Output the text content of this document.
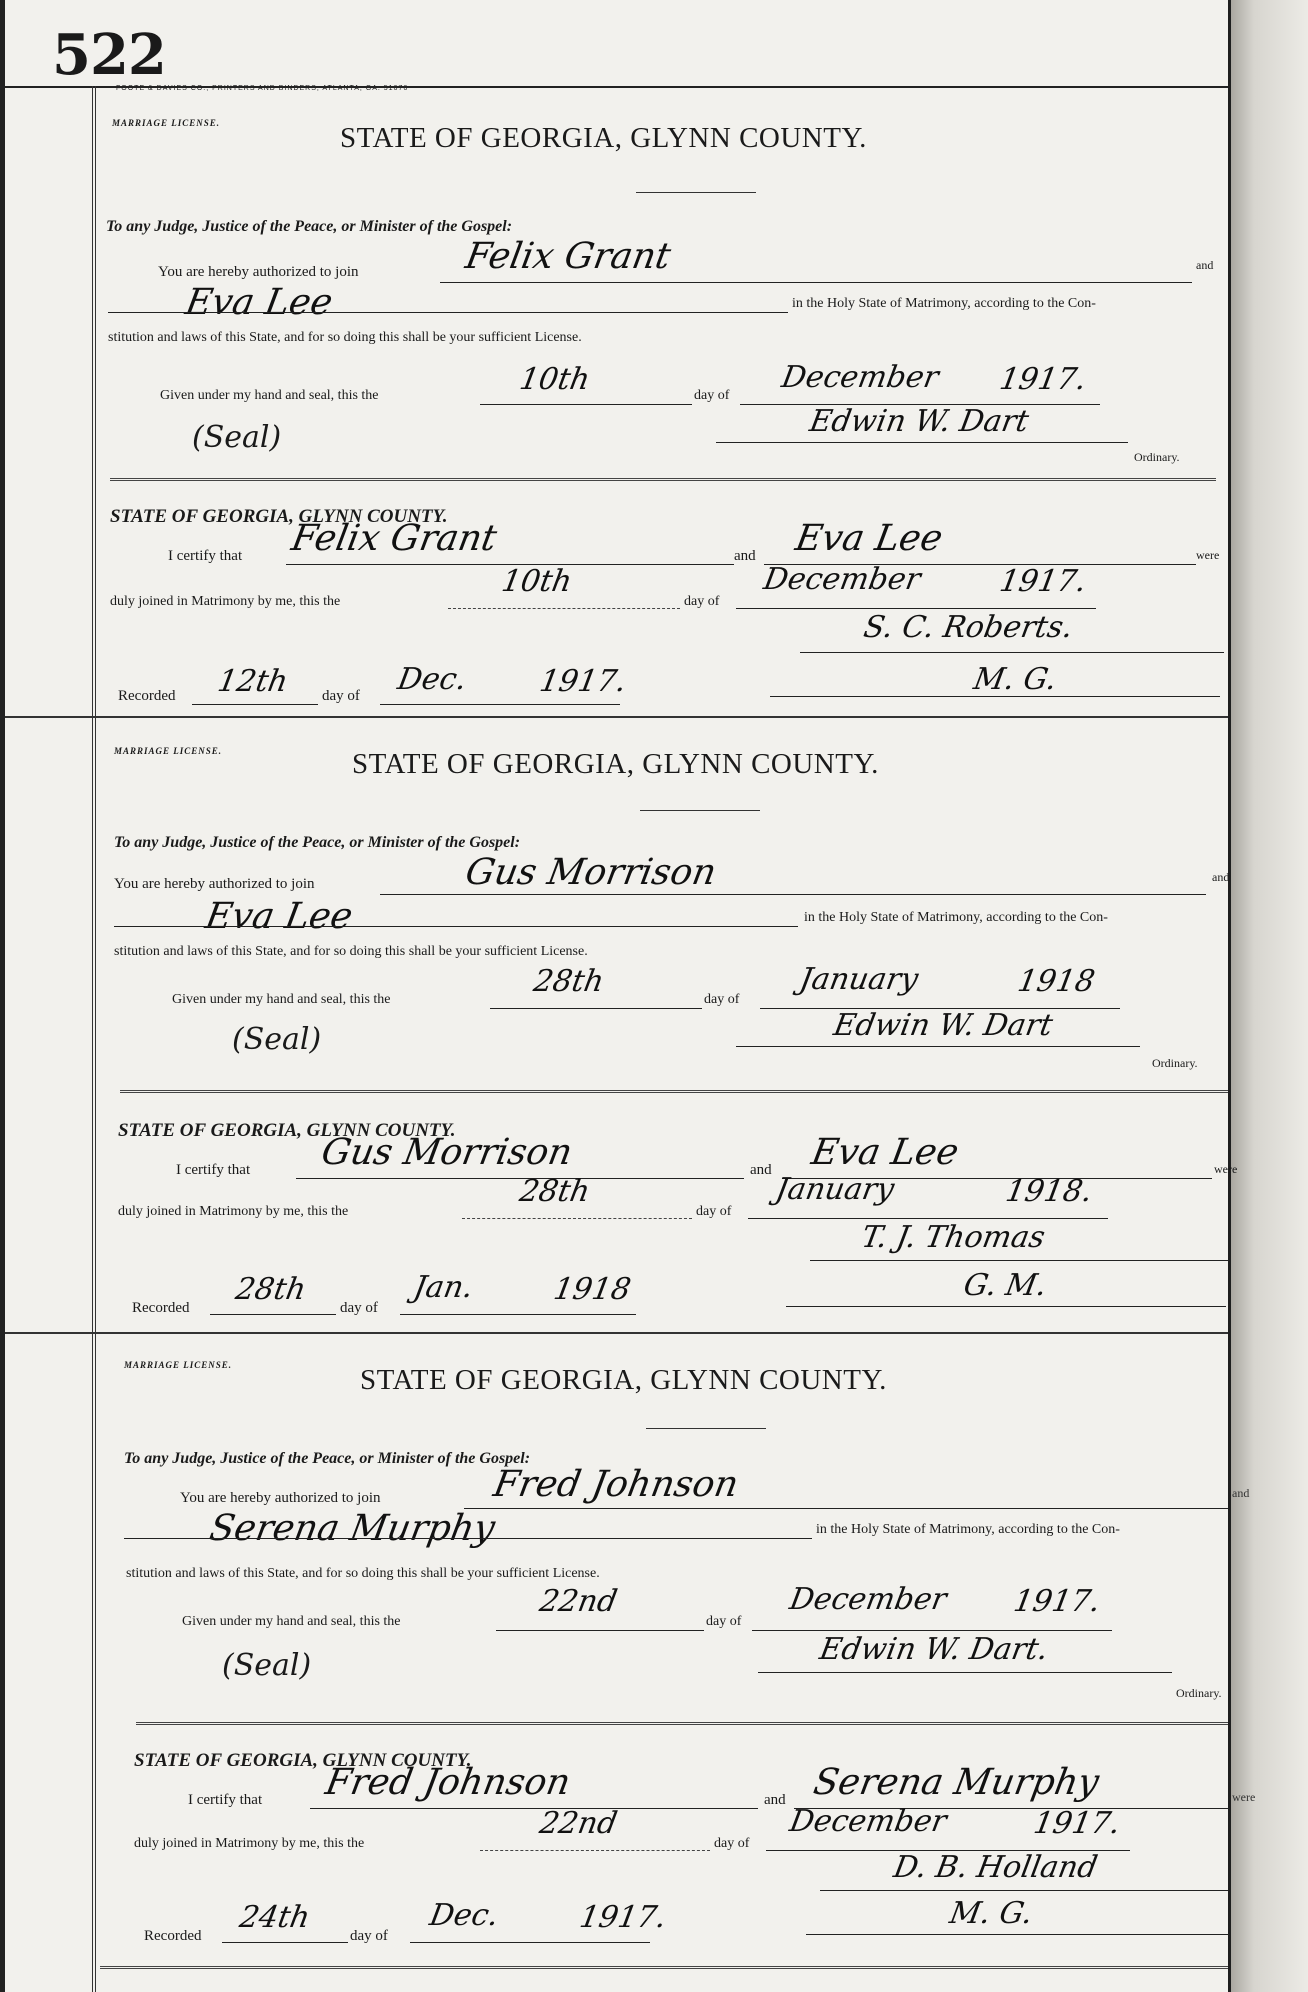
522
FOOTE & DAVIES CO., PRINTERS AND BINDERS, ATLANTA, GA. 51676
MARRIAGE LICENSE.	STATE OF GEORGIA, GLYNN COUNTY.
To any Judge, Justice of the Peace, or Minister of the Gospel:
You are hereby authorized to join	Felix Grant	and
Eva Lee	in the Holy State of Matrimony, according to the Con-
stitution and laws of this State, and for so doing this shall be your sufficient License.
Given under my hand and seal, this the	10th	day of
December 1917.
(Seal)	Edwin W. Dart
Ordinary.
STATE OF GEORGIA, GLYNN COUNTY.
I certify that Felix Grant	and Eva Lee	were
duly joined in Matrimony by me, this the
10th
day of
December 1917.
S. C. Roberts.
Recorded 12th day of Dec. 1917.	M. G.
MARRIAGE LICENSE.	STATE OF GEORGIA, GLYNN COUNTY.
To any Judge, Justice of the Peace, or Minister of the Gospel:
You are hereby authorized to join	Gus Morrison	and
Eva Lee	in the Holy State of Matrimony, according to the Con-
stitution and laws of this State, and for so doing this shall be your sufficient License.
Given under my hand and seal, this the
28th
day of
January	1918
(Seal)	Edwin W. Dart
Ordinary.
STATE OF GEORGIA, GLYNN COUNTY.
I certify that Gus Morrison	and Eva Lee	were
duly joined in Matrimony by me, this the
28th
day of
January	1918.
T. J. Thomas
Recorded
28th
day of
Jan.	1918	G. M.
MARRIAGE LICENSE.	STATE OF GEORGIA, GLYNN COUNTY.
To any Judge, Justice of the Peace, or Minister of the Gospel:
You are hereby authorized to join	Fred Johnson	and
Serena Murphy	in the Holy State of Matrimony, according to the Con-
stitution and laws of this State, and for so doing this shall be your sufficient License.
Given under my hand and seal, this the
22nd
day of
December 1917.
(Seal)	Edwin W. Dart.
Ordinary.
STATE OF GEORGIA, GLYNN COUNTY.
I certify that Fred Johnson	and Serena Murphy	were
duly joined in Matrimony by me, this the
22nd
day of
December	1917.
D. B. Holland
Recorded
24th
day of
Dec.	1917.	M. G.
